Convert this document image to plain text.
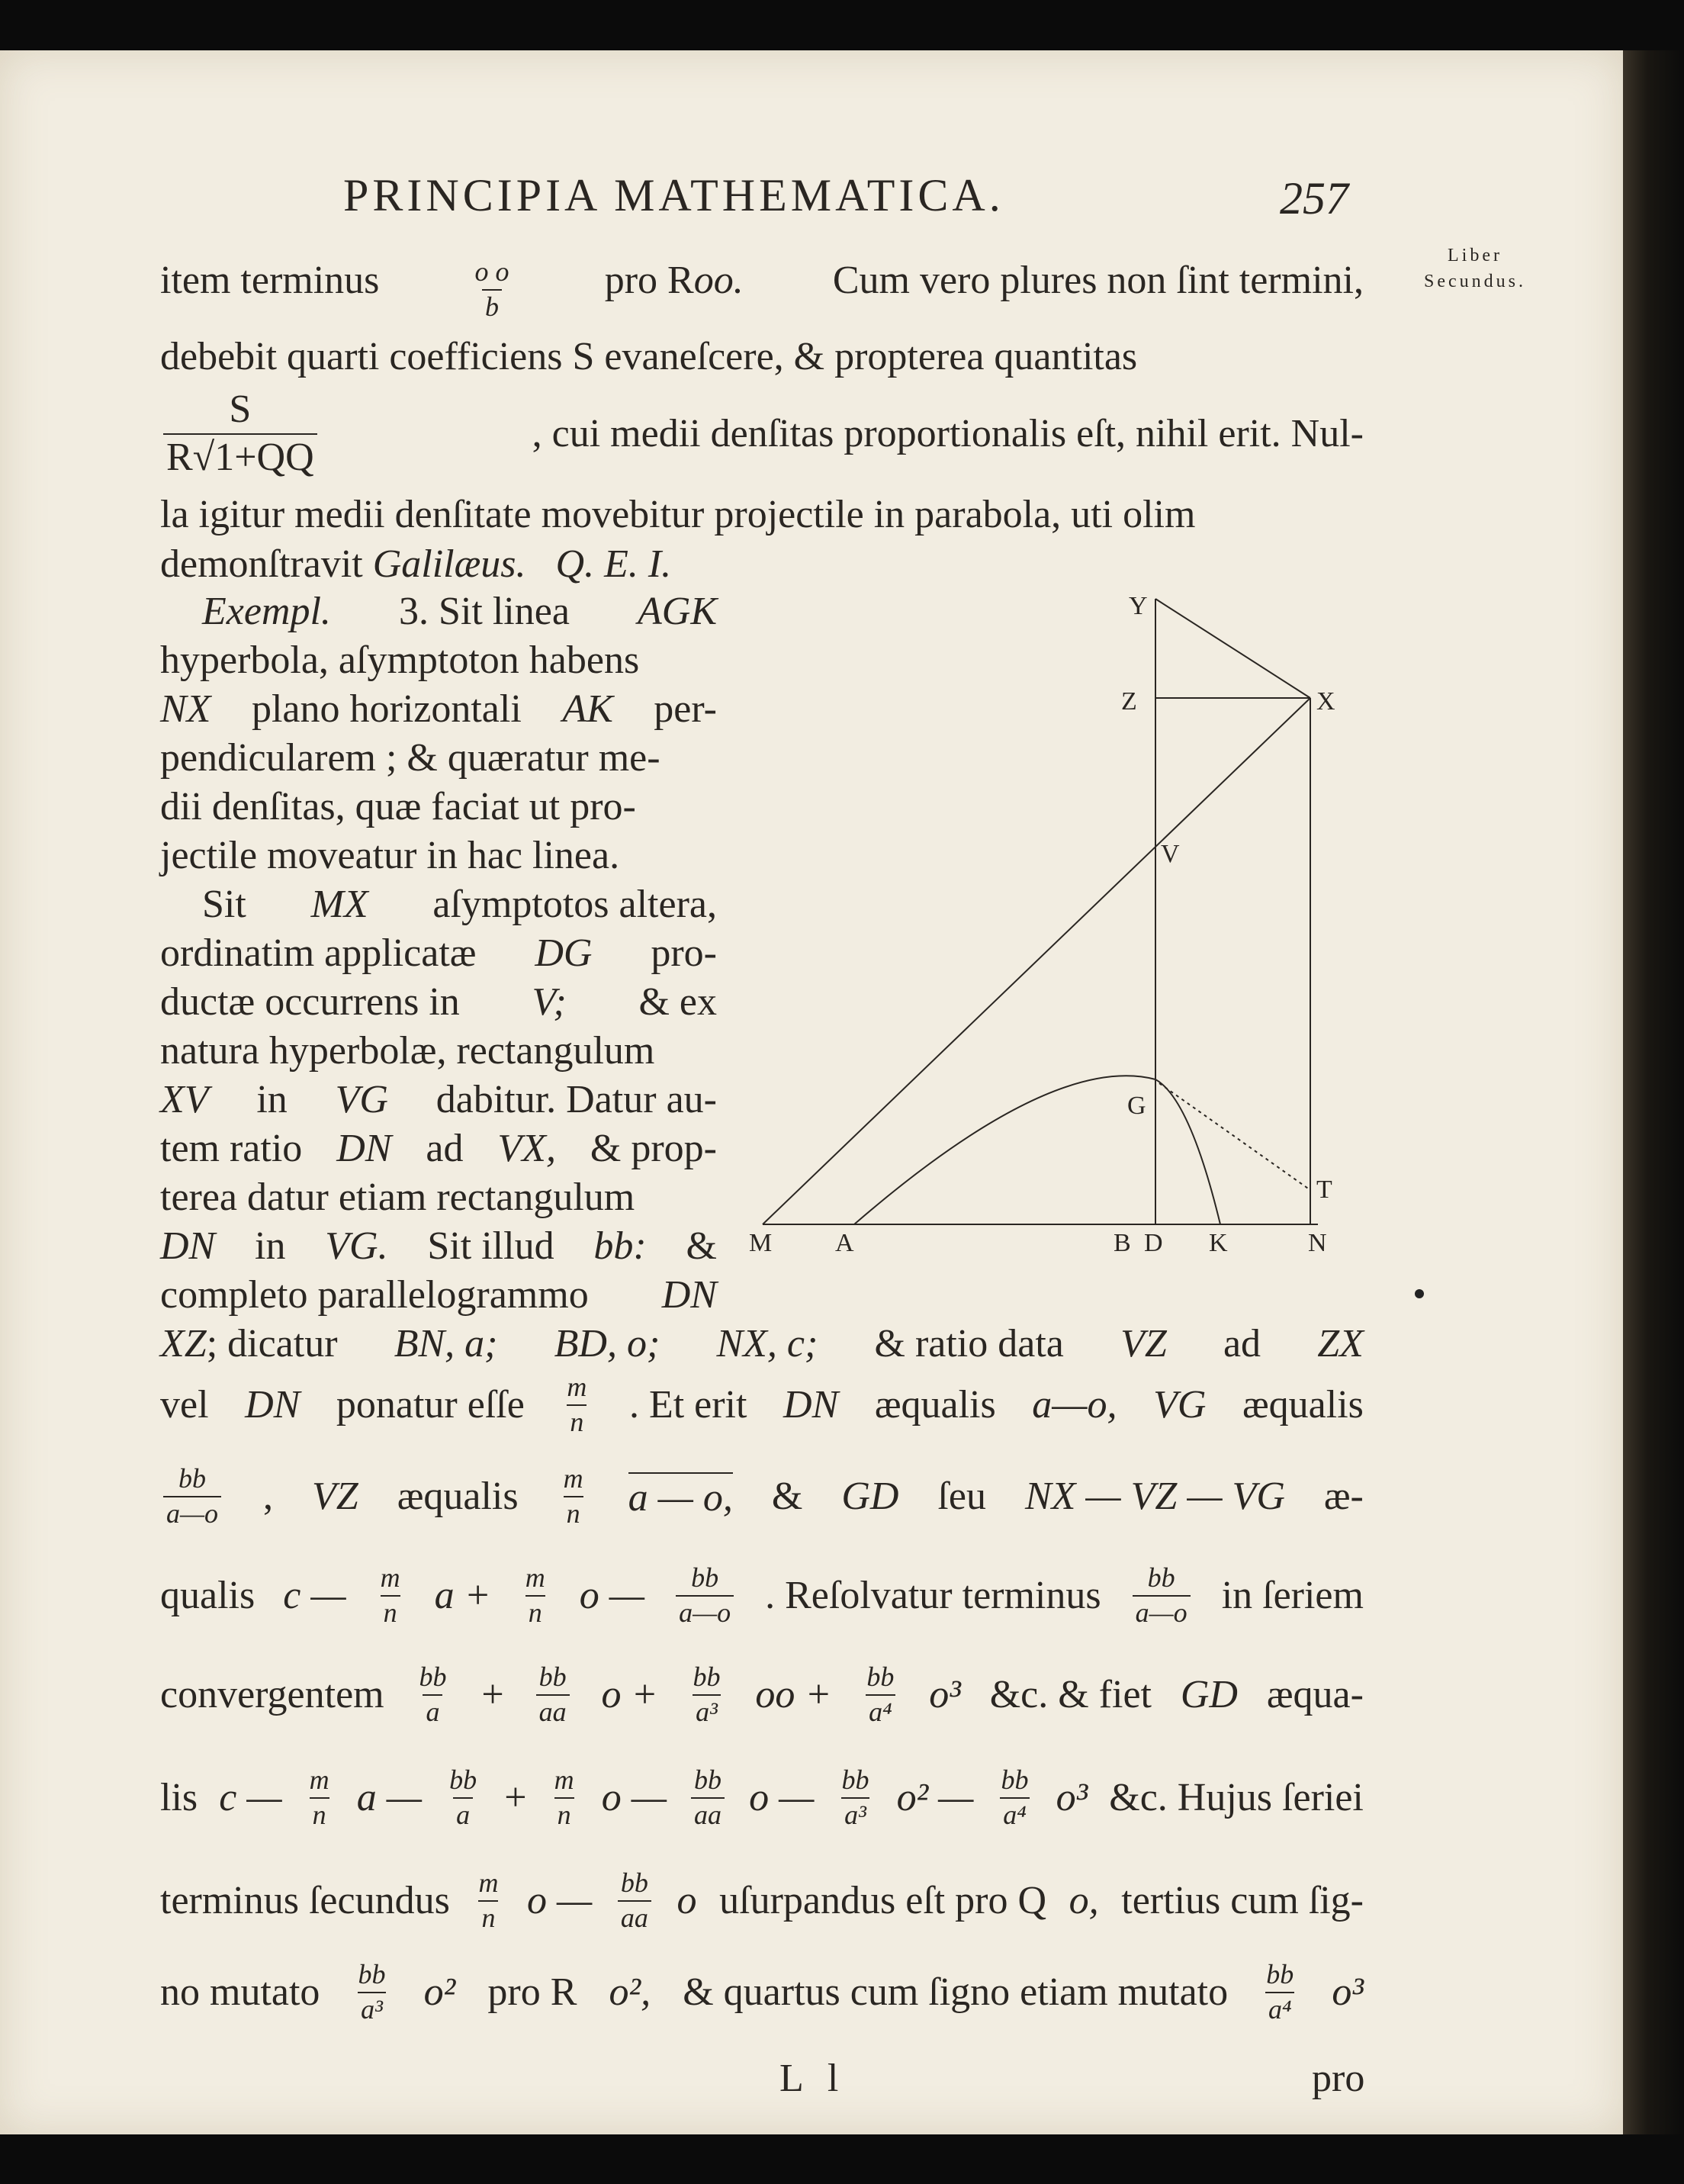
PRINCIPIA MATHEMATICA.	257
Liber
Secundus.
item terminus	$\frac{\text{o o}}{b}$ pro Roo. Cum vero plures non ſint termini,
debebit quarti coefficiens S evaneſcere, & propterea quantitas
$\frac{S}{R√1+QQ}$	, cui medii denſitas proportionalis eſt, nihil erit. Nul-
la igitur medii denſitate movebitur projectile in parabola, uti olim
demonſtravit Galilæus. Q. E. I.
Exempl. 3. Sit linea AGK
hyperbola, aſymptoton habens
NX plano horizontali AK per-
pendicularem ; & quæratur me-
dii denſitas, quæ faciat ut pro-
jectile moveatur in hac linea.
Sit MX aſymptotos altera,
ordinatim applicatæ DG pro-
ductæ occurrens in V; & ex
natura hyperbolæ, rectangulum
XV in VG dabitur. Datur au-
tem ratio DN ad VX, & prop-
terea datur etiam rectangulum
DN in VG. Sit illud bb: &
completo parallelogrammo DN
XZ; dicatur BN, a; BD, o; NX, c; & ratio data VZ ad ZX
vel DN ponatur eſſe $\frac{m}{n}$ . Et erit DN æqualis a—o, VG æqualis
$\frac{bb}{a—o}$ , VZ æqualis $\frac{m}{n}$ a — o, & GD ſeu NX — VZ — VG æ-
qualis c — $\frac{m}{n}$ $a + \frac{m}{n}$ o — $\frac{bb}{a—o}$ . Reſolvatur terminus $\frac{bb}{a—o}$ in ſeriem
convergentem $\frac{bb}{a} + \frac{bb}{aa}$ $o + \frac{bb}{\text{a³}}$ oo + $\frac{bb}{\text{a⁴}} o^3$ &c. & fiet GD æqua-
lis c — $\frac{m}{n}$ a — $\frac{bb}{a} + \frac{m}{n}$ o — $\frac{bb}{aa}$ o — $\frac{bb}{\text{a³}} o^2$ — $\frac{bb}{\text{a⁴}} o^3$ &c. Hujus ſeriei
terminus ſecundus $\frac{m}{n}$ o — $\frac{bb}{aa}$ o uſurpandus eſt pro Q o, tertius cum ſig-
no mutato $\frac{bb}{\text{a³}} o^2$ pro R o², & quartus cum ſigno etiam mutato $\frac{bb}{\text{a⁴}} o^3$
L l	pro
Y
Z	X
V
G
T
M A	B D K	N
